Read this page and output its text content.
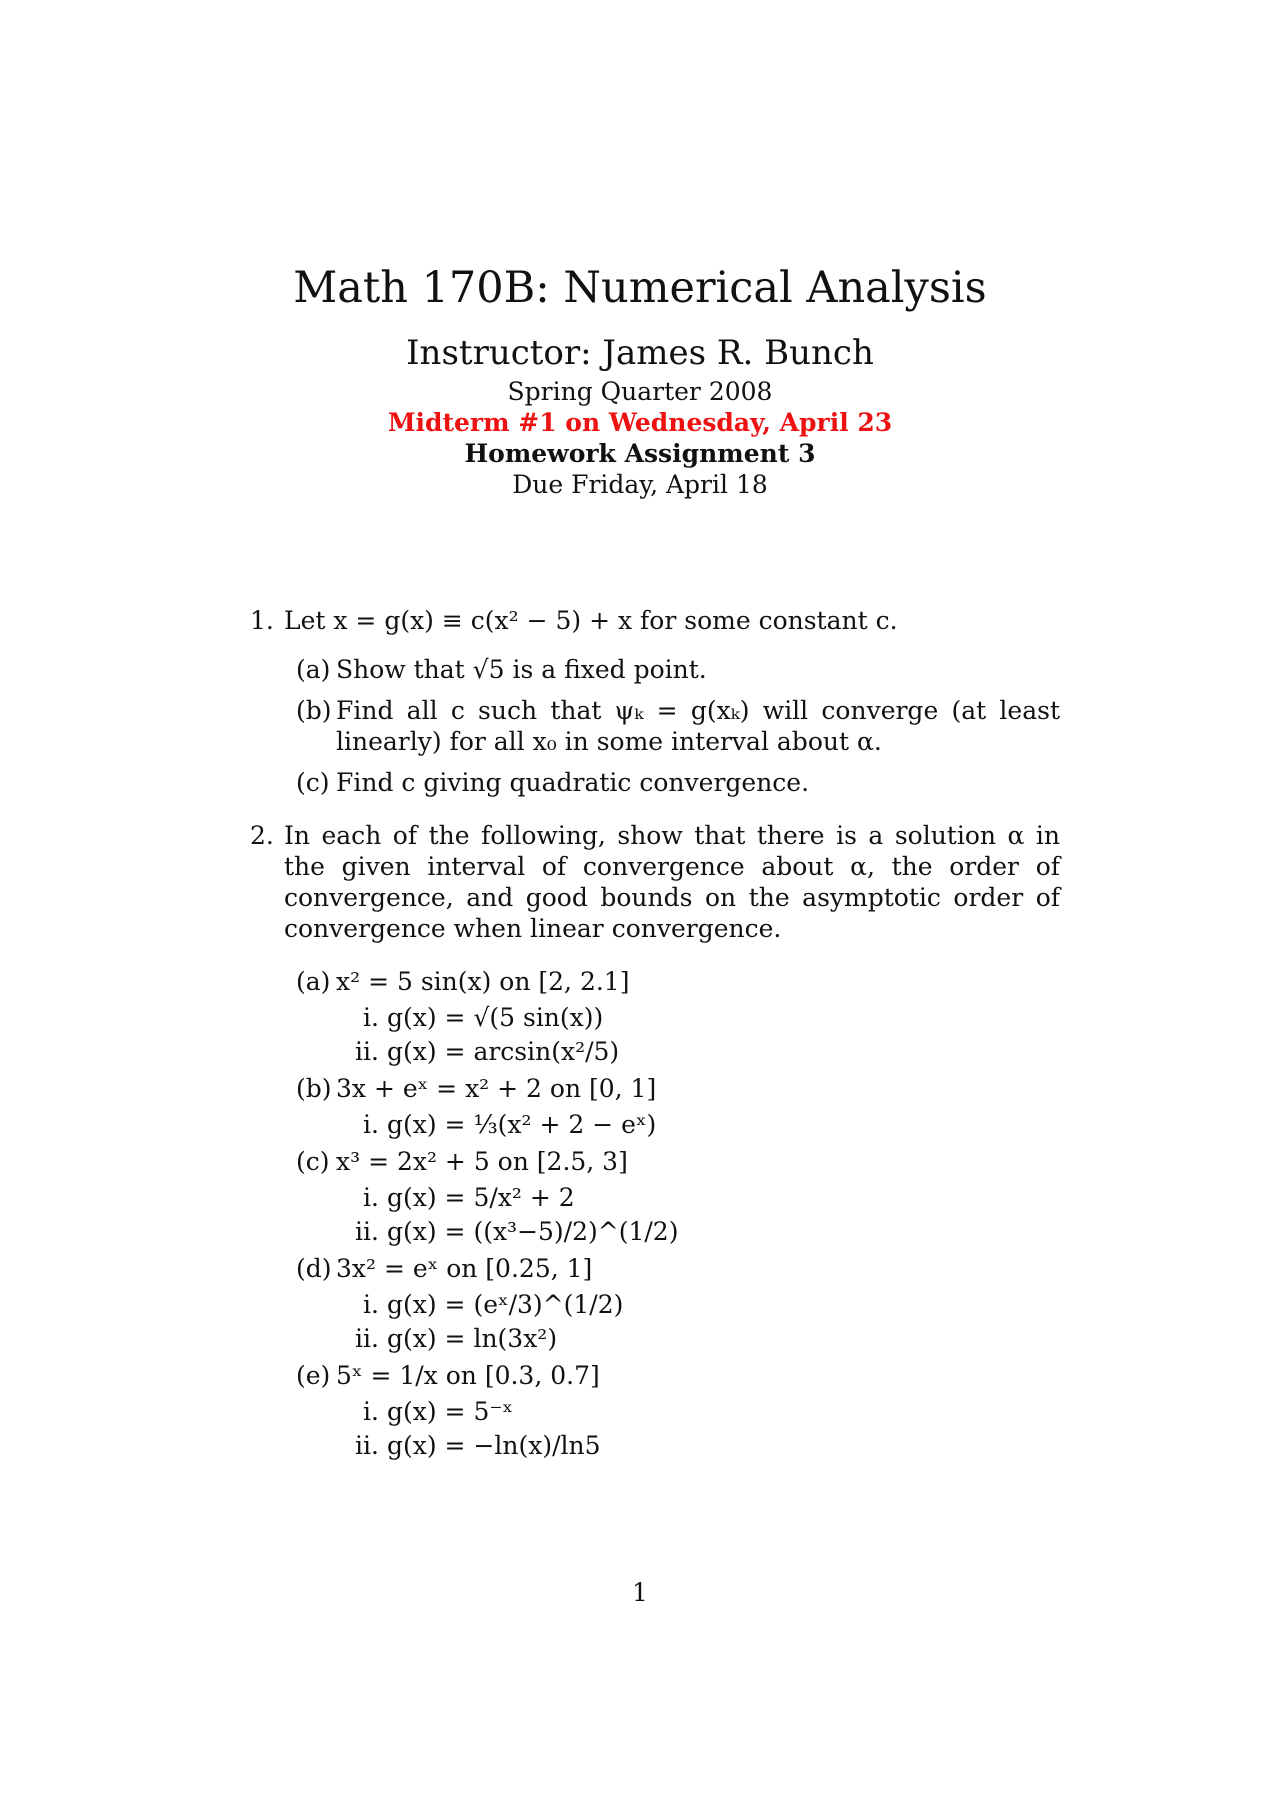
Math 170B: Numerical Analysis
Instructor: James R. Bunch
Spring Quarter 2008
Midterm #1 on Wednesday, April 23
Homework Assignment 3
Due Friday, April 18
1. Let x = g(x) ≡ c(x² − 5) + x for some constant c.
(a) Show that √5 is a fixed point.
(b) Find all c such that ψₖ = g(xₖ) will converge (at least linearly) for all x₀ in some interval about α.
(c) Find c giving quadratic convergence.
2. In each of the following, show that there is a solution α in the given interval of convergence about α, the order of convergence, and good bounds on the asymptotic order of convergence when linear convergence.
(a) x² = 5 sin(x) on [2, 2.1]
i. g(x) = √(5 sin(x))
ii. g(x) = arcsin(x²/5)
(b) 3x + eˣ = x² + 2 on [0, 1]
i. g(x) = ⅓(x² + 2 − eˣ)
(c) x³ = 2x² + 5 on [2.5, 3]
i. g(x) = 5/x² + 2
ii. g(x) = ((x³−5)/2)^(1/2)
(d) 3x² = eˣ on [0.25, 1]
i. g(x) = (eˣ/3)^(1/2)
ii. g(x) = ln(3x²)
(e) 5ˣ = 1/x on [0.3, 0.7]
i. g(x) = 5⁻ˣ
ii. g(x) = −ln(x)/ln5
1
